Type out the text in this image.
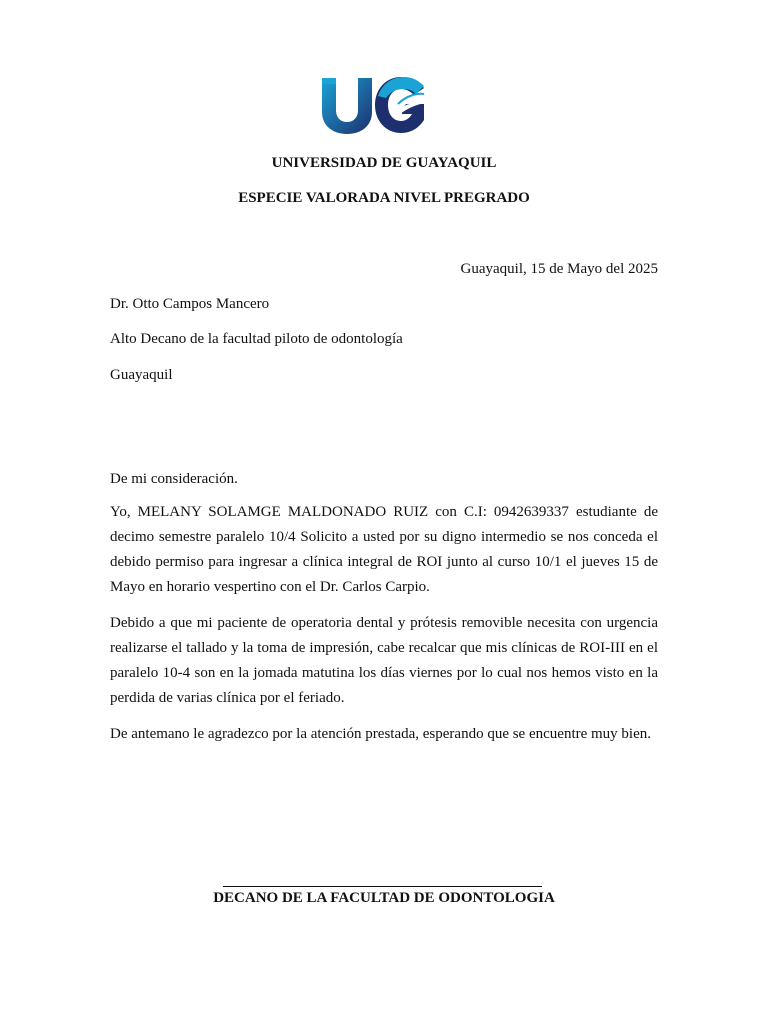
UNIVERSIDAD DE GUAYAQUIL
ESPECIE VALORADA NIVEL PREGRADO
Guayaquil, 15 de Mayo del 2025
Dr. Otto Campos Mancero
Alto Decano de la facultad piloto de odontología
Guayaquil
De mi consideración.
Yo, MELANY SOLAMGE MALDONADO RUIZ con C.I: 0942639337 estudiante de decimo semestre paralelo 10/4 Solicito a usted por su digno intermedio se nos conceda el debido permiso para ingresar a clínica integral de ROI junto al curso 10/1 el jueves 15 de Mayo en horario vespertino con el Dr. Carlos Carpio.
Debido a que mi paciente de operatoria dental y prótesis removible necesita con urgencia realizarse el tallado y la toma de impresión, cabe recalcar que mis clínicas de ROI-III en el paralelo 10-4 son en la jomada matutina los días viernes por lo cual nos hemos visto en la perdida de varias clínica por el feriado.
De antemano le agradezco por la atención prestada, esperando que se encuentre muy bien.
DECANO DE LA FACULTAD DE ODONTOLOGIA
